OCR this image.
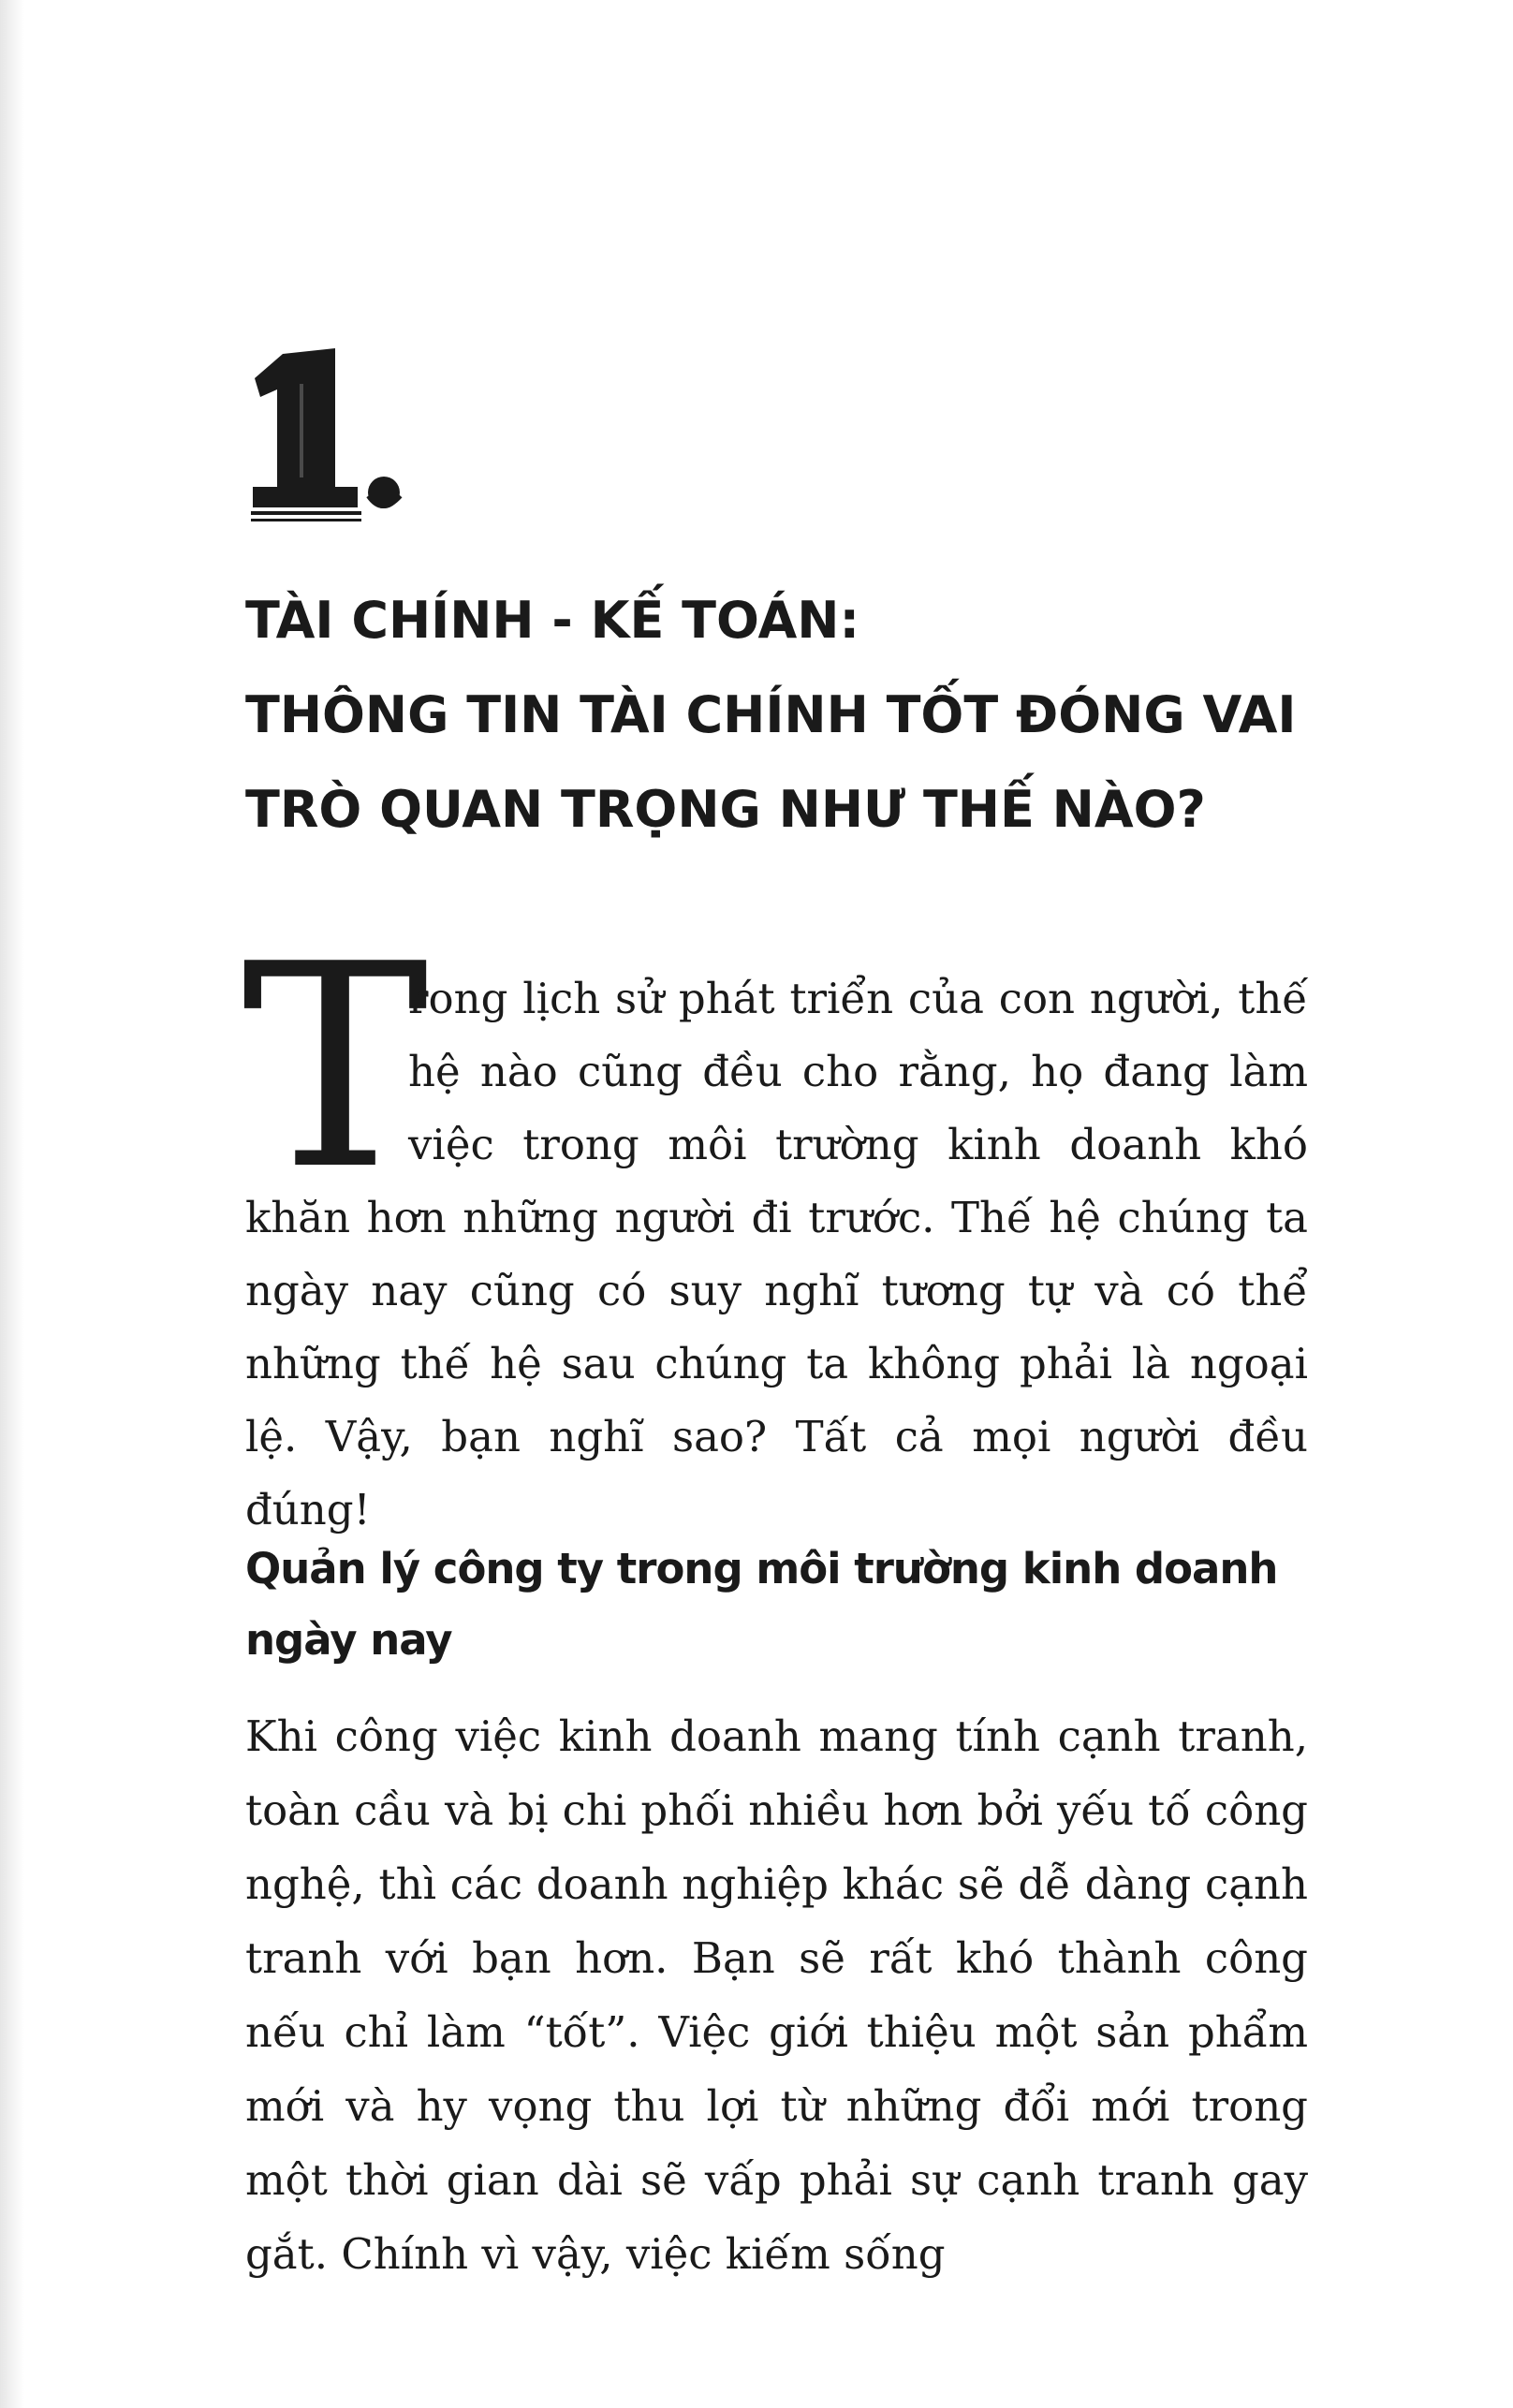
1.
TÀI CHÍNH - KẾ TOÁN:
THÔNG TIN TÀI CHÍNH TỐT ĐÓNG VAI
TRÒ QUAN TRỌNG NHƯ THẾ NÀO?
T
rong lịch sử phát triển của con người, thế hệ nào cũng đều cho rằng, họ đang làm việc trong môi trường kinh doanh khó khăn hơn những người đi trước. Thế hệ chúng ta ngày nay cũng có suy nghĩ tương tự và có thể những thế hệ sau chúng ta không phải là ngoại lệ. Vậy, bạn nghĩ sao? Tất cả mọi người đều đúng!
Quản lý công ty trong môi trường kinh doanh ngày nay

Khi công việc kinh doanh mang tính cạnh tranh, toàn cầu và bị chi phối nhiều hơn bởi yếu tố công nghệ, thì các doanh nghiệp khác sẽ dễ dàng cạnh tranh với bạn hơn. Bạn sẽ rất khó thành công nếu chỉ làm “tốt”. Việc giới thiệu một sản phẩm mới và hy vọng thu lợi từ những đổi mới trong một thời gian dài sẽ vấp phải sự cạnh tranh gay gắt. Chính vì vậy, việc kiếm sống
